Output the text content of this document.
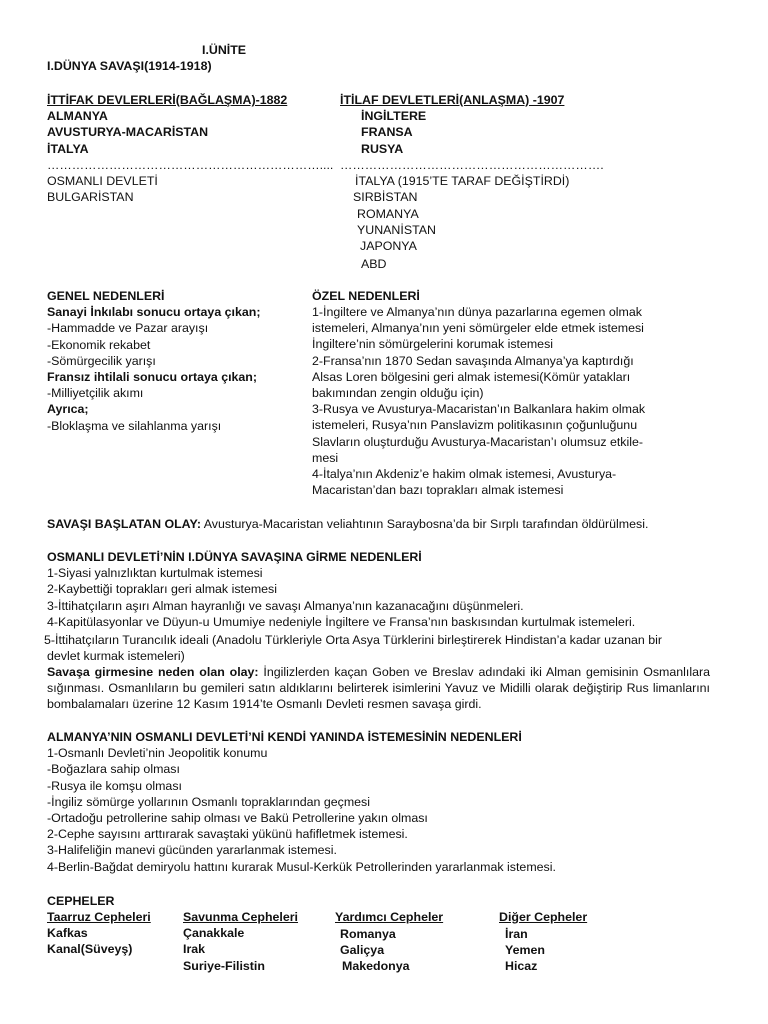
I.ÜNİTE
I.DÜNYA SAVAŞI(1914-1918)
İTTİFAK DEVLERLERİ(BAĞLAŞMA)-1882
ALMANYA
AVUSTURYA-MACARİSTAN
İTALYA
…………………………………………………………....
OSMANLI DEVLETİ
BULGARİSTAN
İTİLAF DEVLETLERİ(ANLAŞMA) -1907
İNGİLTERE
FRANSA
RUSYA
……………………………………………………….
İTALYA (1915’TE TARAF DEĞİŞTİRDİ)
SIRBİSTAN
ROMANYA
YUNANİSTAN
JAPONYA
ABD
GENEL NEDENLERİ
Sanayi İnkılabı sonucu ortaya çıkan;
-Hammadde ve Pazar arayışı
-Ekonomik rekabet
-Sömürgecilik yarışı
Fransız ihtilali sonucu ortaya çıkan;
-Milliyetçilik akımı
Ayrıca;
-Bloklaşma ve silahlanma yarışı
ÖZEL NEDENLERİ
1-İngiltere ve Almanya’nın dünya pazarlarına egemen olmak
istemeleri, Almanya’nın yeni sömürgeler elde etmek istemesi
İngiltere’nin sömürgelerini korumak istemesi
2-Fransa’nın 1870 Sedan savaşında Almanya’ya kaptırdığı
Alsas Loren bölgesini geri almak istemesi(Kömür yatakları
bakımından zengin olduğu için)
3-Rusya ve Avusturya-Macaristan’ın Balkanlara hakim olmak
istemeleri, Rusya’nın Panslavizm politikasının çoğunluğunu
Slavların oluşturduğu Avusturya-Macaristan’ı olumsuz etkile-
mesi
4-İtalya’nın Akdeniz’e hakim olmak istemesi, Avusturya-
Macaristan’dan bazı toprakları almak istemesi
SAVAŞI BAŞLATAN OLAY: Avusturya-Macaristan veliahtının Saraybosna’da bir Sırplı tarafından öldürülmesi.
OSMANLI DEVLETİ’NİN I.DÜNYA SAVAŞINA GİRME NEDENLERİ
1-Siyasi yalnızlıktan kurtulmak istemesi
2-Kaybettiği toprakları geri almak istemesi
3-İttihatçıların aşırı Alman hayranlığı ve savaşı Almanya’nın kazanacağını düşünmeleri.
4-Kapitülasyonlar ve Düyun-u Umumiye nedeniyle İngiltere ve Fransa’nın baskısından kurtulmak istemeleri.
5-İttihatçıların Turancılık ideali (Anadolu Türkleriyle Orta Asya Türklerini birleştirerek Hindistan’a kadar uzanan bir
devlet kurmak istemeleri)
Savaşa girmesine neden olan olay: İngilizlerden kaçan Goben ve Breslav adındaki iki Alman gemisinin Osmanlılara sığınması. Osmanlıların bu gemileri satın aldıklarını belirterek isimlerini Yavuz ve Midilli olarak değiştirip Rus limanlarını bombalamaları üzerine 12 Kasım 1914’te Osmanlı Devleti resmen savaşa girdi.
ALMANYA’NIN OSMANLI DEVLETİ’Nİ KENDİ YANINDA İSTEMESİNİN NEDENLERİ
1-Osmanlı Devleti’nin Jeopolitik konumu
-Boğazlara sahip olması
-Rusya ile komşu olması
-İngiliz sömürge yollarının Osmanlı topraklarından geçmesi
-Ortadoğu petrollerine sahip olması ve Bakü Petrollerine yakın olması
2-Cephe sayısını arttırarak savaştaki yükünü hafifletmek istemesi.
3-Halifeliğin manevi gücünden yararlanmak istemesi.
4-Berlin-Bağdat demiryolu hattını kurarak Musul-Kerkük Petrollerinden yararlanmak istemesi.
CEPHELER
Taarruz Cepheleri
Kafkas
Kanal(Süveyş)
Savunma Cepheleri
Çanakkale
Irak
Suriye-Filistin
Yardımcı Cepheler
Romanya
Galiçya
Makedonya
Diğer Cepheler
İran
Yemen
Hicaz
